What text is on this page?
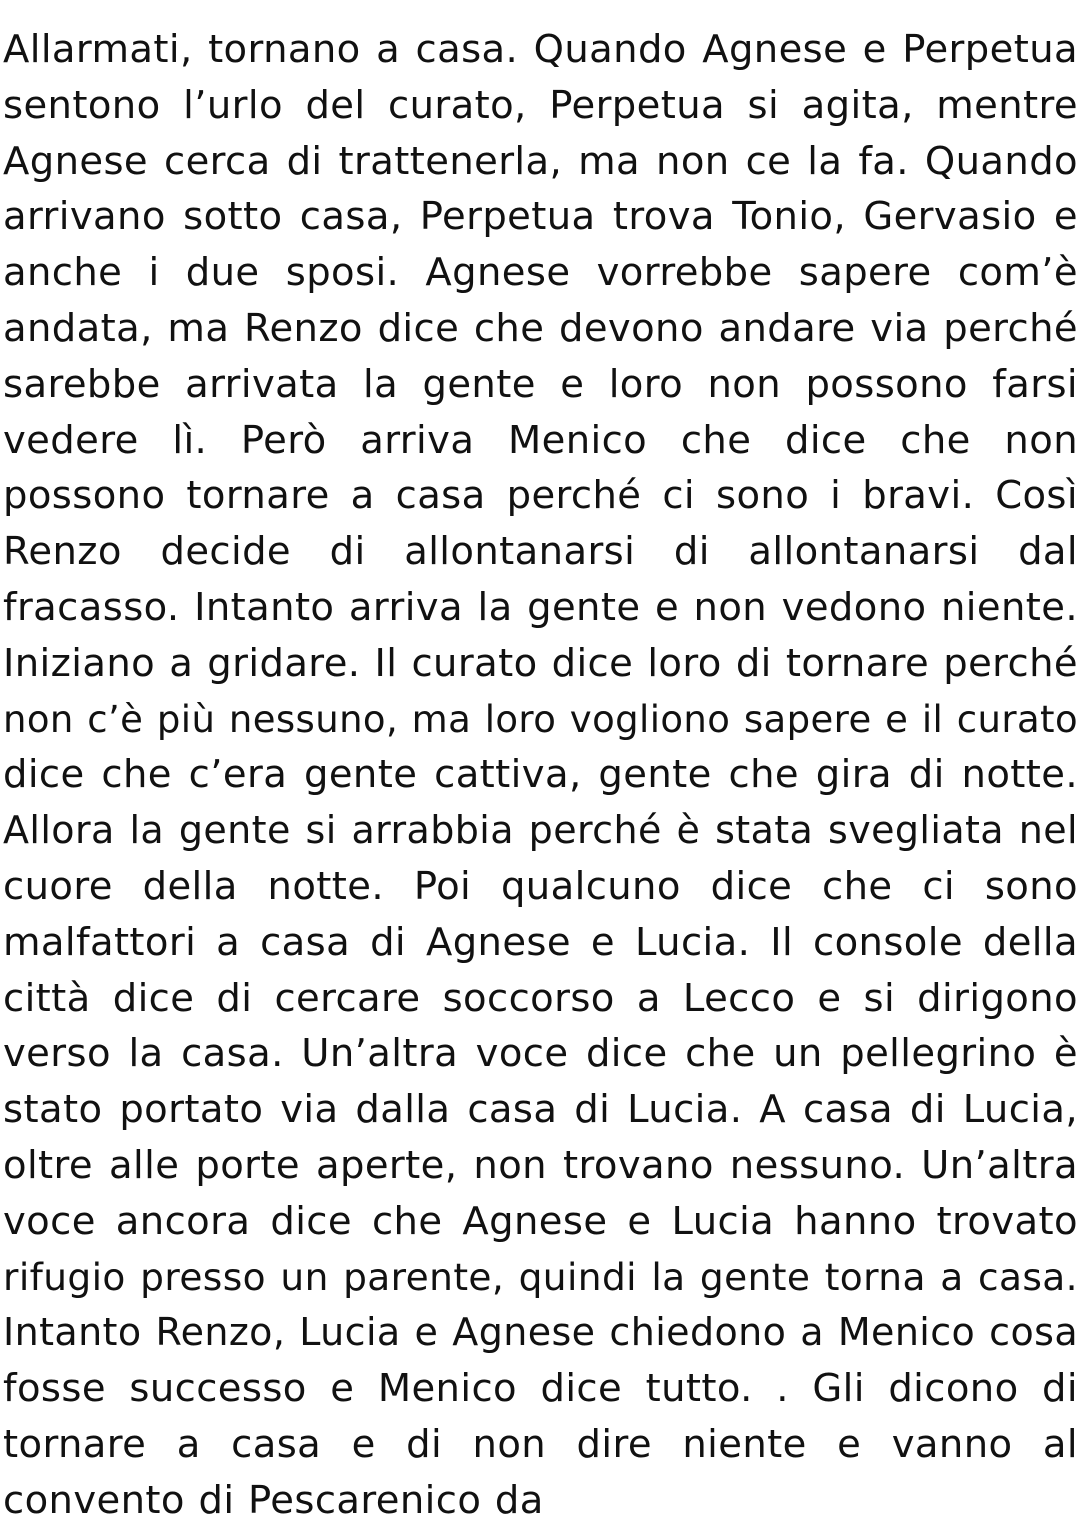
Allarmati, tornano a casa. Quando Agnese e Perpetua
sentono l’urlo del curato, Perpetua si agita, mentre
Agnese cerca di trattenerla, ma non ce la fa. Quando
arrivano sotto casa, Perpetua trova Tonio, Gervasio e
anche i due sposi. Agnese vorrebbe sapere com’è
andata, ma Renzo dice che devono andare via perché
sarebbe arrivata la gente e loro non possono farsi
vedere lì. Però arriva Menico che dice che non
possono tornare a casa perché ci sono i bravi. Così
Renzo decide di allontanarsi di allontanarsi dal
fracasso. Intanto arriva la gente e non vedono niente.
Iniziano a gridare. Il curato dice loro di tornare perché
non c’è più nessuno, ma loro vogliono sapere e il curato
dice che c’era gente cattiva, gente che gira di notte.
Allora la gente si arrabbia perché è stata svegliata nel
cuore della notte. Poi qualcuno dice che ci sono
malfattori a casa di Agnese e Lucia. Il console della
città dice di cercare soccorso a Lecco e si dirigono
verso la casa. Un’altra voce dice che un pellegrino è
stato portato via dalla casa di Lucia. A casa di Lucia,
oltre alle porte aperte, non trovano nessuno. Un’altra
voce ancora dice che Agnese e Lucia hanno trovato
rifugio presso un parente, quindi la gente torna a casa.
Intanto Renzo, Lucia e Agnese chiedono a Menico cosa
fosse successo e Menico dice tutto. . Gli dicono di
tornare a casa e di non dire niente e vanno al
convento di Pescarenico da
